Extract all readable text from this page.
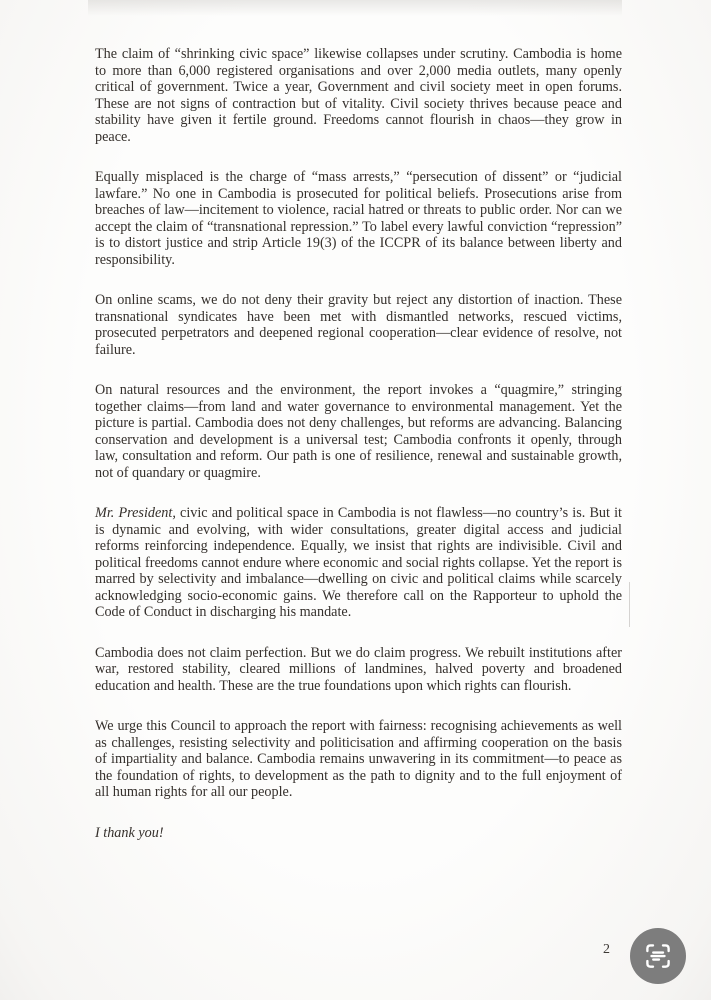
The claim of “shrinking civic space” likewise collapses under scrutiny. Cambodia is home to more than 6,000 registered organisations and over 2,000 media outlets, many openly critical of government. Twice a year, Government and civil society meet in open forums. These are not signs of contraction but of vitality. Civil society thrives because peace and stability have given it fertile ground. Freedoms cannot flourish in chaos—they grow in peace.

Equally misplaced is the charge of “mass arrests,” “persecution of dissent” or “judicial lawfare.” No one in Cambodia is prosecuted for political beliefs. Prosecutions arise from breaches of law—incitement to violence, racial hatred or threats to public order. Nor can we accept the claim of “transnational repression.” To label every lawful conviction “repression” is to distort justice and strip Article 19(3) of the ICCPR of its balance between liberty and responsibility.

On online scams, we do not deny their gravity but reject any distortion of inaction. These transnational syndicates have been met with dismantled networks, rescued victims, prosecuted perpetrators and deepened regional cooperation—clear evidence of resolve, not failure.

On natural resources and the environment, the report invokes a “quagmire,” stringing together claims—from land and water governance to environmental management. Yet the picture is partial. Cambodia does not deny challenges, but reforms are advancing. Balancing conservation and development is a universal test; Cambodia confronts it openly, through law, consultation and reform. Our path is one of resilience, renewal and sustainable growth, not of quandary or quagmire.

Mr. President, civic and political space in Cambodia is not flawless—no country’s is. But it is dynamic and evolving, with wider consultations, greater digital access and judicial reforms reinforcing independence. Equally, we insist that rights are indivisible. Civil and political freedoms cannot endure where economic and social rights collapse. Yet the report is marred by selectivity and imbalance—dwelling on civic and political claims while scarcely acknowledging socio-economic gains. We therefore call on the Rapporteur to uphold the Code of Conduct in discharging his mandate.

Cambodia does not claim perfection. But we do claim progress. We rebuilt institutions after war, restored stability, cleared millions of landmines, halved poverty and broadened education and health. These are the true foundations upon which rights can flourish.

We urge this Council to approach the report with fairness: recognising achievements as well as challenges, resisting selectivity and politicisation and affirming cooperation on the basis of impartiality and balance. Cambodia remains unwavering in its commitment—to peace as the foundation of rights, to development as the path to dignity and to the full enjoyment of all human rights for all our people.

I thank you!

2
